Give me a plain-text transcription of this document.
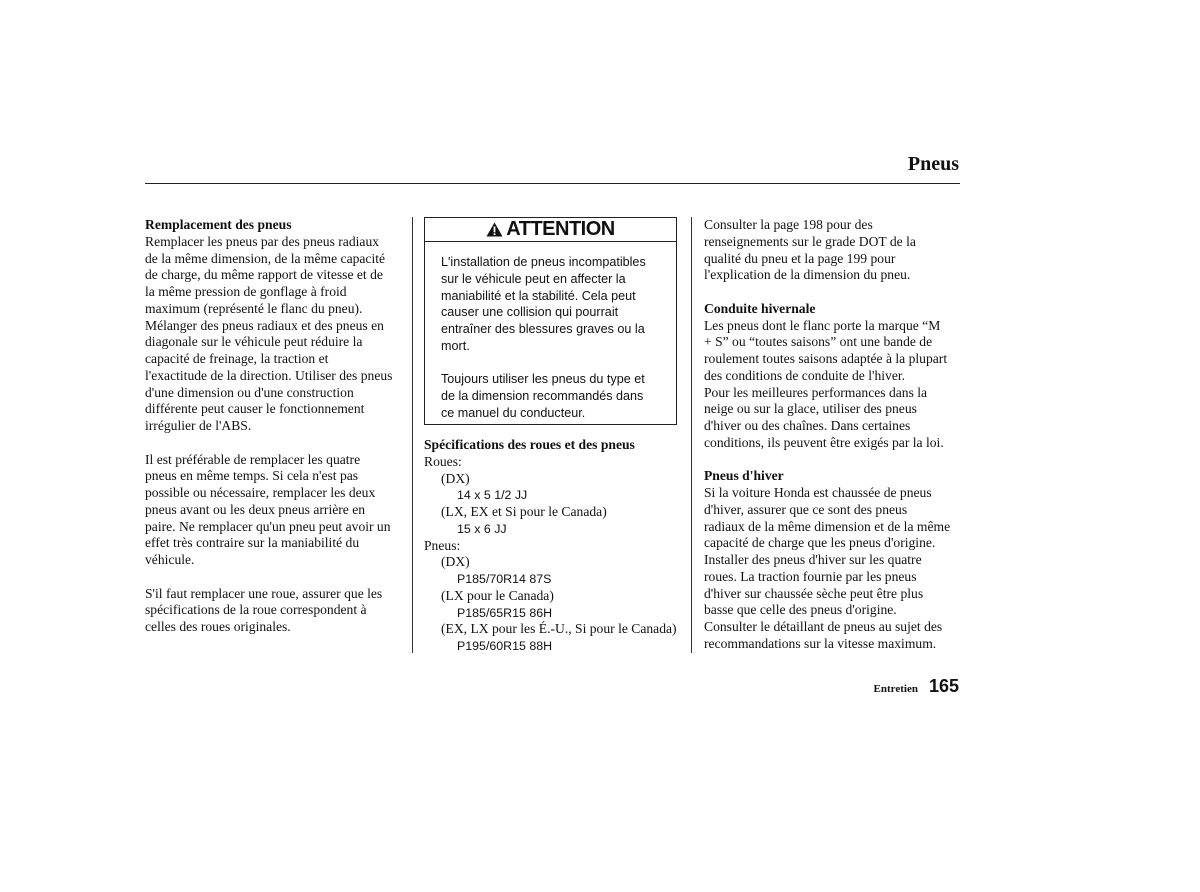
Pneus

Remplacement des pneus

Remplacer les pneus par des pneus radiaux

de la même dimension, de la même capacité

de charge, du même rapport de vitesse et de

la même pression de gonflage à froid

maximum (représenté le flanc du pneu).

Mélanger des pneus radiaux et des pneus en

diagonale sur le véhicule peut réduire la

capacité de freinage, la traction et

l'exactitude de la direction. Utiliser des pneus

d'une dimension ou d'une construction

différente peut causer le fonctionnement

irrégulier de l'ABS.

Il est préférable de remplacer les quatre

pneus en même temps. Si cela n'est pas

possible ou nécessaire, remplacer les deux

pneus avant ou les deux pneus arrière en

paire. Ne remplacer qu'un pneu peut avoir un

effet très contraire sur la maniabilité du

véhicule.

S'il faut remplacer une roue, assurer que les

spécifications de la roue correspondent à

celles des roues originales.

ATTENTION

L'installation de pneus incompatibles

sur le véhicule peut en affecter la

maniabilité et la stabilité. Cela peut

causer une collision qui pourrait

entraîner des blessures graves ou la

mort.

Toujours utiliser les pneus du type et

de la dimension recommandés dans

ce manuel du conducteur.

Spécifications des roues et des pneus

Roues:

(DX)

14 x 5 1/2 JJ

(LX, EX et Si pour le Canada)

15 x 6 JJ

Pneus:

(DX)

P185/70R14 87S

(LX pour le Canada)

P185/65R15 86H

(EX, LX pour les É.-U., Si pour le Canada)

P195/60R15 88H

Consulter la page 198 pour des

renseignements sur le grade DOT de la

qualité du pneu et la page 199 pour

l'explication de la dimension du pneu.

Conduite hivernale

Les pneus dont le flanc porte la marque “M

+ S” ou “toutes saisons” ont une bande de

roulement toutes saisons adaptée à la plupart

des conditions de conduite de l'hiver.

Pour les meilleures performances dans la

neige ou sur la glace, utiliser des pneus

d'hiver ou des chaînes. Dans certaines

conditions, ils peuvent être exigés par la loi.

Pneus d'hiver

Si la voiture Honda est chaussée de pneus

d'hiver, assurer que ce sont des pneus

radiaux de la même dimension et de la même

capacité de charge que les pneus d'origine.

Installer des pneus d'hiver sur les quatre

roues. La traction fournie par les pneus

d'hiver sur chaussée sèche peut être plus

basse que celle des pneus d'origine.

Consulter le détaillant de pneus au sujet des

recommandations sur la vitesse maximum.

Entretien 165
